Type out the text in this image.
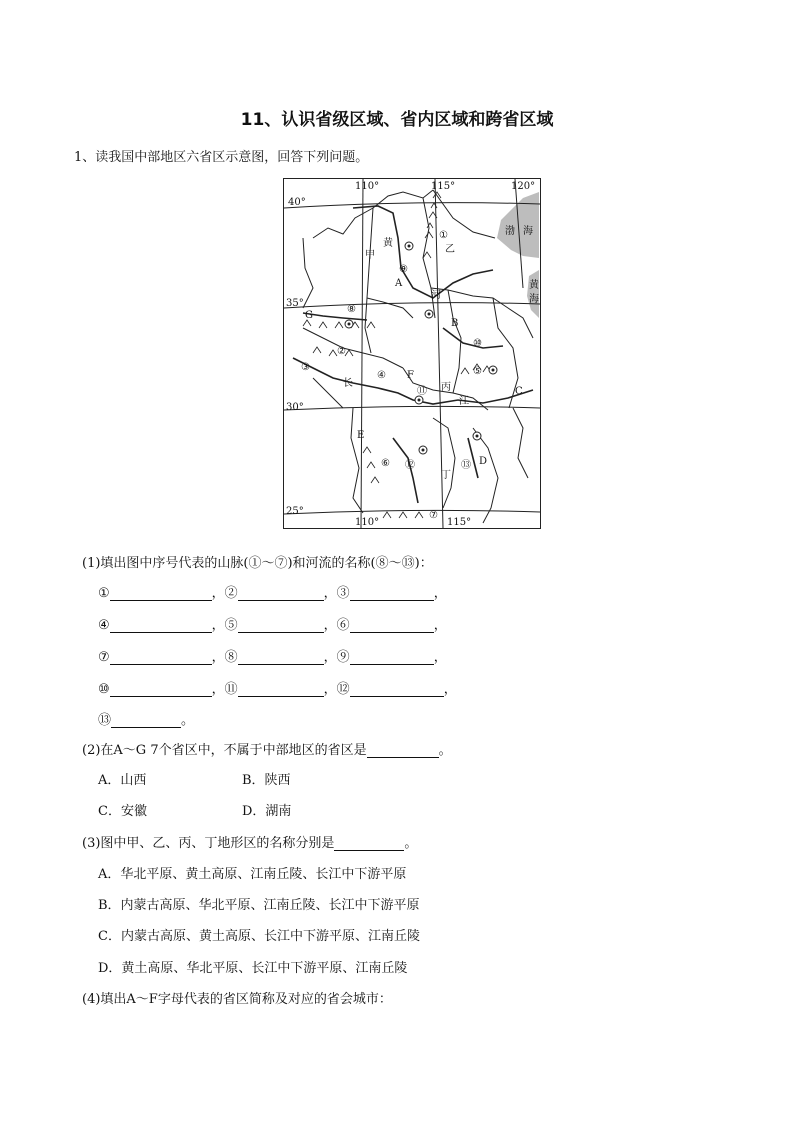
11、认识省级区域、省内区域和跨省区域
1、读我国中部地区六省区示意图，回答下列问题。
110°	115°	120°
110°	115°
40°
35°
30°
25°
A
B
C
D
E
F
G
甲
乙
丙
丁
黄
河
长
江
渤 海
黄
海
①
②
③
④	⑤
⑥
⑦
⑧
⑨
⑩
⑪
⑫	⑬
(1)填出图中序号代表的山脉(①～⑦)和河流的名称(⑧～⑬)：
①	，②	，③	，
④	，⑤	，⑥	，
⑦	，⑧	，⑨	，
⑩	，⑪	，⑫	，
⑬	。
(2)在A～G 7个省区中，不属于中部地区的省区是	。
A．山西	B．陕西
C．安徽	D．湖南
(3)图中甲、乙、丙、丁地形区的名称分别是	。
A．华北平原、黄土高原、江南丘陵、长江中下游平原
B．内蒙古高原、华北平原、江南丘陵、长江中下游平原
C．内蒙古高原、黄土高原、长江中下游平原、江南丘陵
D．黄土高原、华北平原、长江中下游平原、江南丘陵
(4)填出A～F字母代表的省区简称及对应的省会城市：
